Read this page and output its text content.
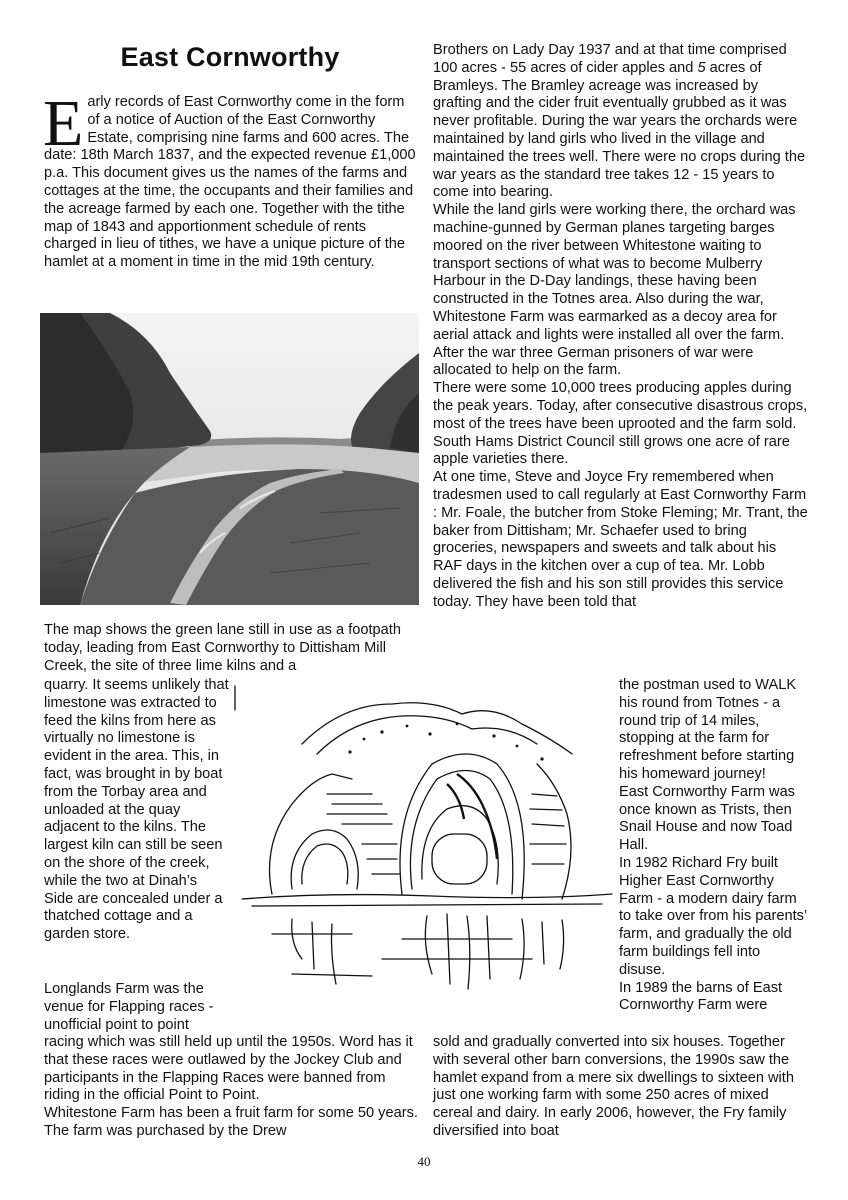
East Cornworthy
Early records of East Cornworthy come in the form of a notice of Auction of the East Cornworthy Estate, comprising nine farms and 600 acres. The date: 18th March 1837, and the expected revenue £1,000 p.a. This document gives us the names of the farms and cottages at the time, the occupants and their families and the acreage farmed by each one. Together with the tithe map of 1843 and apportionment schedule of rents charged in lieu of tithes, we have a unique picture of the hamlet at a moment in time in the mid 19th century.
The map shows the green lane still in use as a footpath today, leading from East Cornworthy to Dittisham Mill Creek, the site of three lime kilns and a
quarry. It seems unlikely that limestone was extracted to feed the kilns from here as virtually no limestone is evident in the area. This, in fact, was brought in by boat from the Torbay area and unloaded at the quay adjacent to the kilns. The largest kiln can still be seen on the shore of the creek, while the two at Dinah’s Side are concealed under a thatched cottage and a garden store.
Longlands Farm was the venue for Flapping races - unofficial point to point

racing which was still held up until the 1950s. Word has it that these races were outlawed by the Jockey Club and participants in the Flapping Races were banned from riding in the official Point to Point.

Whitestone Farm has been a fruit farm for some 50 years. The farm was purchased by the Drew

Brothers on Lady Day 1937 and at that time comprised 100 acres - 55 acres of cider apples and 5 acres of Bramleys. The Bramley acreage was increased by grafting and the cider fruit eventually grubbed as it was never profitable. During the war years the orchards were maintained by land girls who lived in the village and maintained the trees well. There were no crops during the war years as the standard tree takes 12 - 15 years to come into bearing.

While the land girls were working there, the orchard was machine-gunned by German planes targeting barges moored on the river between Whitestone waiting to transport sections of what was to become Mulberry Harbour in the D-Day landings, these having been constructed in the Totnes area. Also during the war, Whitestone Farm was earmarked as a decoy area for aerial attack and lights were installed all over the farm. After the war three German prisoners of war were allocated to help on the farm.

There were some 10,000 trees producing apples during the peak years. Today, after consecutive disastrous crops, most of the trees have been uprooted and the farm sold. South Hams District Council still grows one acre of rare apple varieties there.

At one time, Steve and Joyce Fry remembered when tradesmen used to call regularly at East Cornworthy Farm : Mr. Foale, the butcher from Stoke Fleming; Mr. Trant, the baker from Dittisham; Mr. Schaefer used to bring groceries, newspapers and sweets and talk about his RAF days in the kitchen over a cup of tea. Mr. Lobb delivered the fish and his son still provides this service today. They have been told that

the postman used to WALK his round from Totnes - a round trip of 14 miles, stopping at the farm for refreshment before starting his homeward journey!

East Cornworthy Farm was once known as Trists, then Snail House and now Toad Hall.

In 1982 Richard Fry built Higher East Cornworthy Farm - a modern dairy farm to take over from his parents’ farm, and gradually the old farm buildings fell into disuse.

In 1989 the barns of East Cornworthy Farm were

sold and gradually converted into six houses. Together with several other barn conversions, the 1990s saw the hamlet expand from a mere six dwellings to sixteen with just one working farm with some 250 acres of mixed cereal and dairy. In early 2006, however, the Fry family diversified into boat
40
